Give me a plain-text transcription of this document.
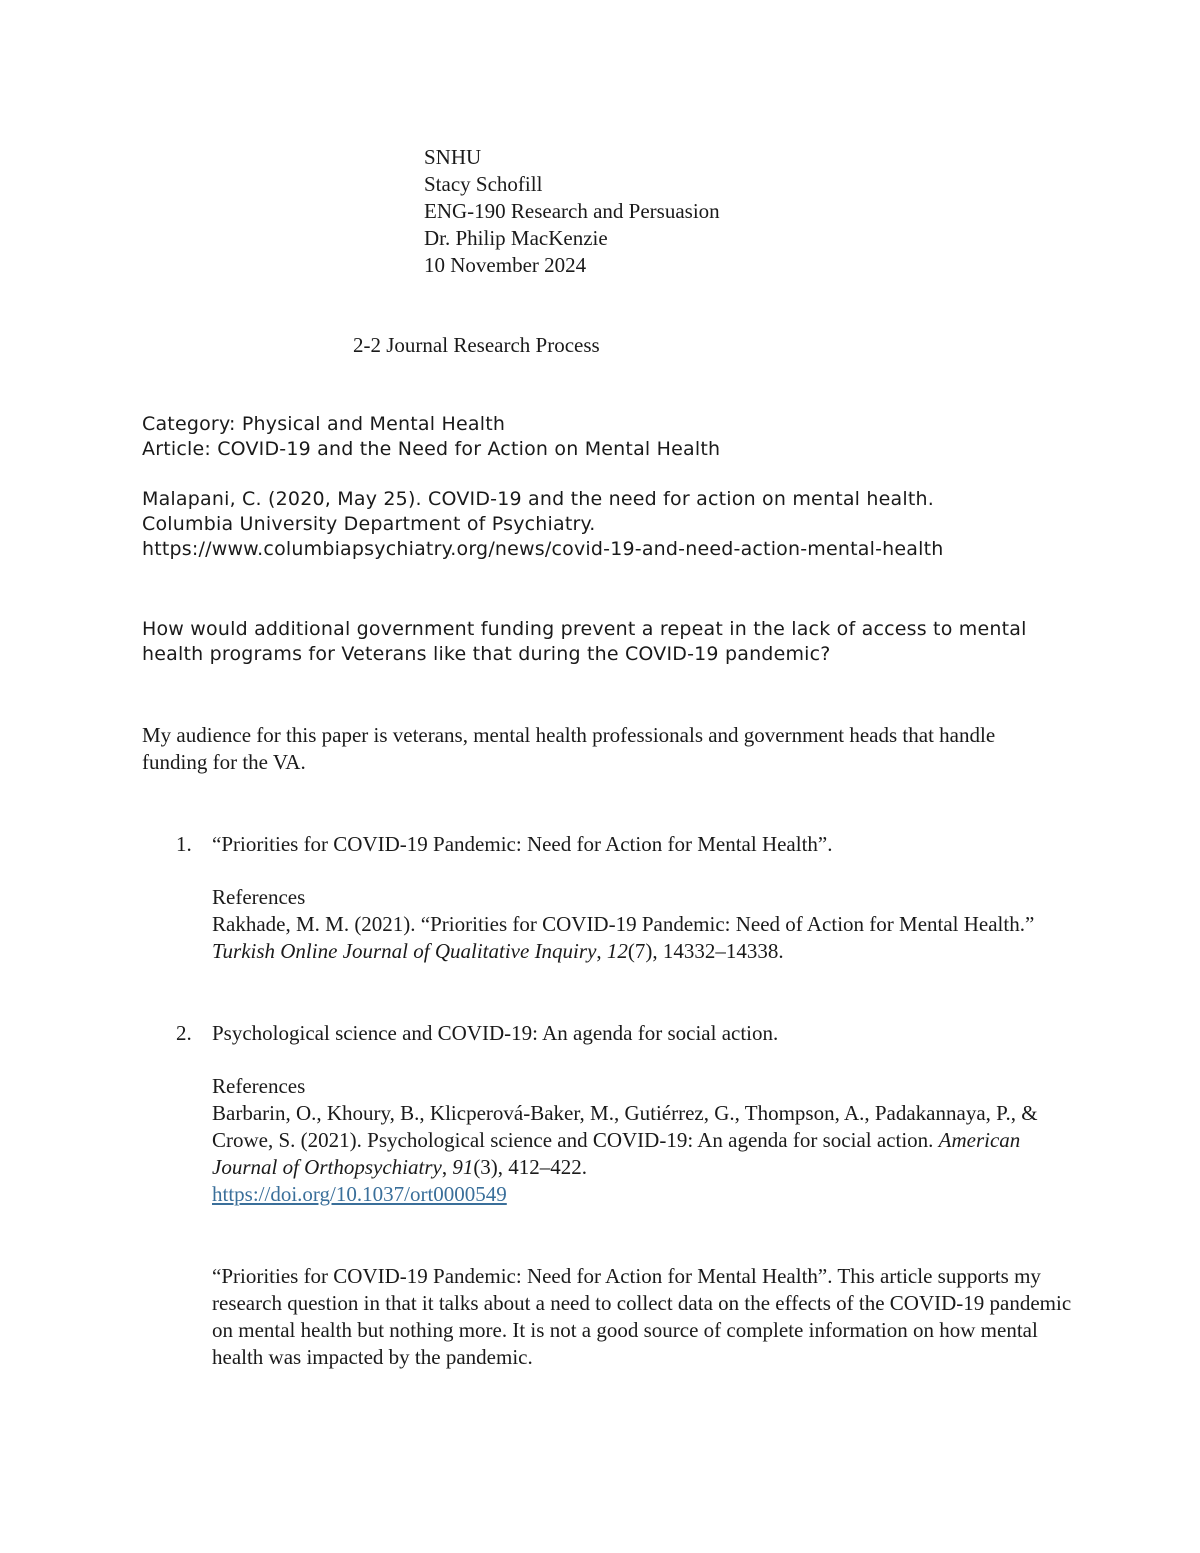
SNHU
Stacy Schofill
ENG-190 Research and Persuasion
Dr. Philip MacKenzie
10 November 2024
2-2 Journal Research Process
Category: Physical and Mental Health
Article: COVID-19 and the Need for Action on Mental Health
Malapani, C. (2020, May 25). COVID-19 and the need for action on mental health.
Columbia University Department of Psychiatry.
https://www.columbiapsychiatry.org/news/covid-19-and-need-action-mental-health
How would additional government funding prevent a repeat in the lack of access to mental health programs for Veterans like that during the COVID-19 pandemic?
My audience for this paper is veterans, mental health professionals and government heads that handle funding for the VA.
1. “Priorities for COVID-19 Pandemic: Need for Action for Mental Health”.
References
Rakhade, M. M. (2021). “Priorities for COVID-19 Pandemic: Need of Action for Mental Health.” Turkish Online Journal of Qualitative Inquiry, 12(7), 14332–14338.
2. Psychological science and COVID-19: An agenda for social action.
References
Barbarin, O., Khoury, B., Klicperová-Baker, M., Gutiérrez, G., Thompson, A., Padakannaya, P., & Crowe, S. (2021). Psychological science and COVID-19: An agenda for social action. American Journal of Orthopsychiatry, 91(3), 412–422.
https://doi.org/10.1037/ort0000549
“Priorities for COVID-19 Pandemic: Need for Action for Mental Health”. This article supports my research question in that it talks about a need to collect data on the effects of the COVID-19 pandemic on mental health but nothing more. It is not a good source of complete information on how mental health was impacted by the pandemic.
